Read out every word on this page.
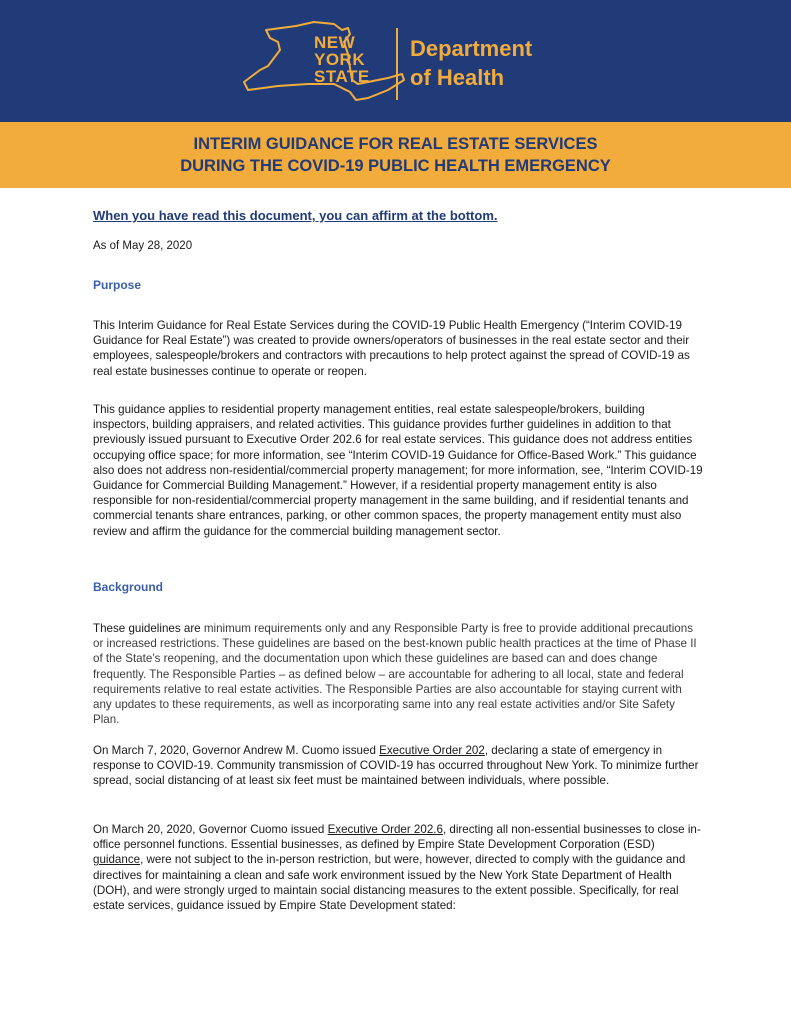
NEW
YORK
STATE
Department
of Health
INTERIM GUIDANCE FOR REAL ESTATE SERVICES
DURING THE COVID-19 PUBLIC HEALTH EMERGENCY
When you have read this document, you can affirm at the bottom.
As of May 28, 2020
Purpose
This Interim Guidance for Real Estate Services during the COVID-19 Public Health Emergency (“Interim COVID-19 Guidance for Real Estate”) was created to provide owners/operators of businesses in the real estate sector and their employees, salespeople/brokers and contractors with precautions to help protect against the spread of COVID-19 as real estate businesses continue to operate or reopen.
This guidance applies to residential property management entities, real estate salespeople/brokers, building inspectors, building appraisers, and related activities. This guidance provides further guidelines in addition to that previously issued pursuant to Executive Order 202.6 for real estate services. This guidance does not address entities occupying office space; for more information, see “Interim COVID-19 Guidance for Office-Based Work.” This guidance also does not address non-residential/commercial property management; for more information, see, “Interim COVID-19 Guidance for Commercial Building Management.” However, if a residential property management entity is also responsible for non-residential/commercial property management in the same building, and if residential tenants and commercial tenants share entrances, parking, or other common spaces, the property management entity must also review and affirm the guidance for the commercial building management sector.
Background
These guidelines are minimum requirements only and any Responsible Party is free to provide additional precautions or increased restrictions. These guidelines are based on the best-known public health practices at the time of Phase II of the State’s reopening, and the documentation upon which these guidelines are based can and does change frequently. The Responsible Parties – as defined below – are accountable for adhering to all local, state and federal requirements relative to real estate activities. The Responsible Parties are also accountable for staying current with any updates to these requirements, as well as incorporating same into any real estate activities and/or Site Safety Plan.
On March 7, 2020, Governor Andrew M. Cuomo issued Executive Order 202, declaring a state of emergency in response to COVID-19. Community transmission of COVID-19 has occurred throughout New York. To minimize further spread, social distancing of at least six feet must be maintained between individuals, where possible.
On March 20, 2020, Governor Cuomo issued Executive Order 202.6, directing all non-essential businesses to close in-office personnel functions. Essential businesses, as defined by Empire State Development Corporation (ESD) guidance, were not subject to the in-person restriction, but were, however, directed to comply with the guidance and directives for maintaining a clean and safe work environment issued by the New York State Department of Health (DOH), and were strongly urged to maintain social distancing measures to the extent possible. Specifically, for real estate services, guidance issued by Empire State Development stated:
